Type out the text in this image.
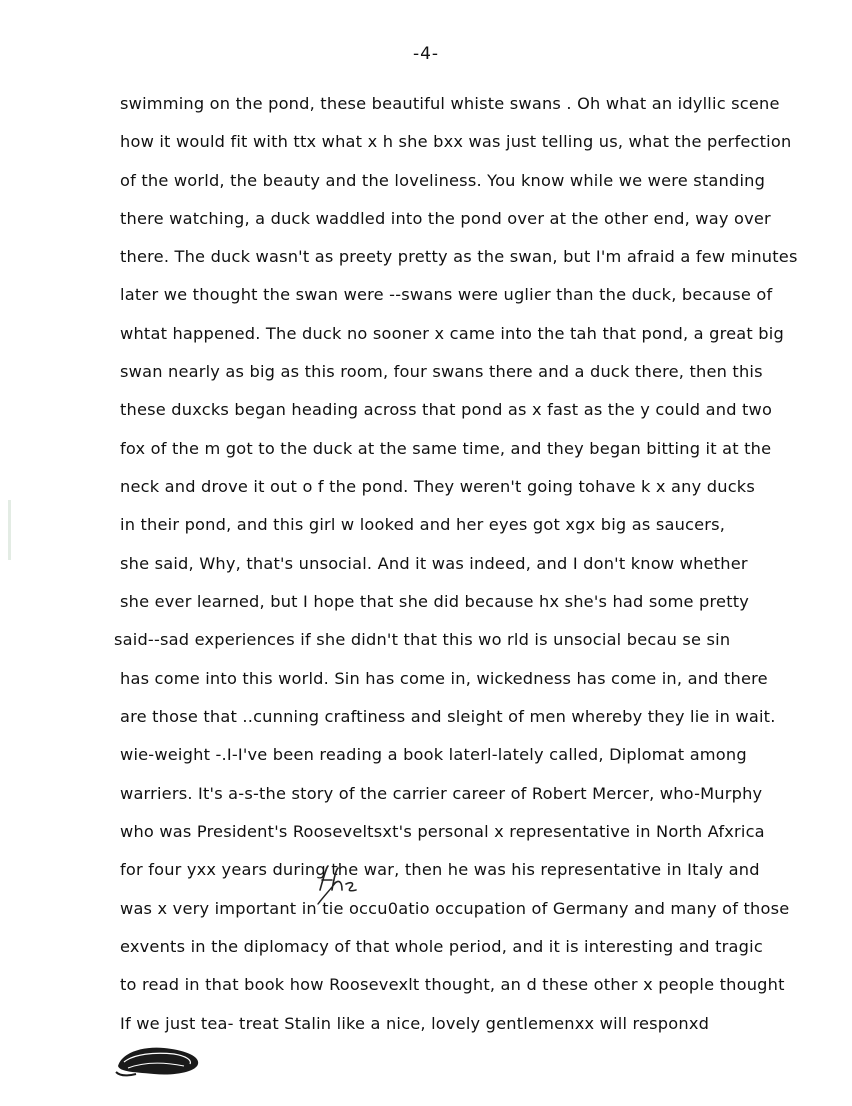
-4-
swimming on the pond, these beautiful whiste swans . Oh what an idyllic scene
how it would fit with ttx what x h she bxx was just telling us, what the perfection
of the world, the beauty and the loveliness. You know while we were standing
there watching, a duck waddled into the pond over at the other end, way over
there. The duck wasn't as preety pretty as the swan, but I'm afraid a few minutes
later we thought the swan were --swans were uglier than the duck, because of
whtat happened. The duck no sooner x came into the tah that pond, a great big
swan nearly as big as this room, four swans there and a duck there, then this
these duxcks began heading across that pond as x fast as the y could and two
fox of the m got to the duck at the same time, and they began bitting it at the
neck and drove it out o f the pond. They weren't going tohave k x any ducks
in their pond, and this girl w looked and her eyes got xgx big as saucers,
she said, Why, that's unsocial. And it was indeed, and I don't know whether
she ever learned, but I hope that she did because hx she's had some pretty
said--sad experiences if she didn't that this wo rld is unsocial becau se sin
has come into this world. Sin has come in, wickedness has come in, and there
are those that ..cunning craftiness and sleight of men whereby they lie in wait.
wie-weight -.I-I've been reading a book laterl-lately called, Diplomat among
warriers. It's a-s-the story of the carrier career of Robert Mercer, who-Murphy
who was President's Rooseveltsxt's personal x representative in North Afxrica
for four yxx years during the war, then he was his representative in Italy and
was x very important in tie occu0atio occupation of Germany and many of those
exvents in the diplomacy of that whole period, and it is interesting and tragic
to read in that book how Roosevexlt thought, an d these other x people thought
If we just tea- treat Stalin like a nice, lovely gentlemenxx will responxd
